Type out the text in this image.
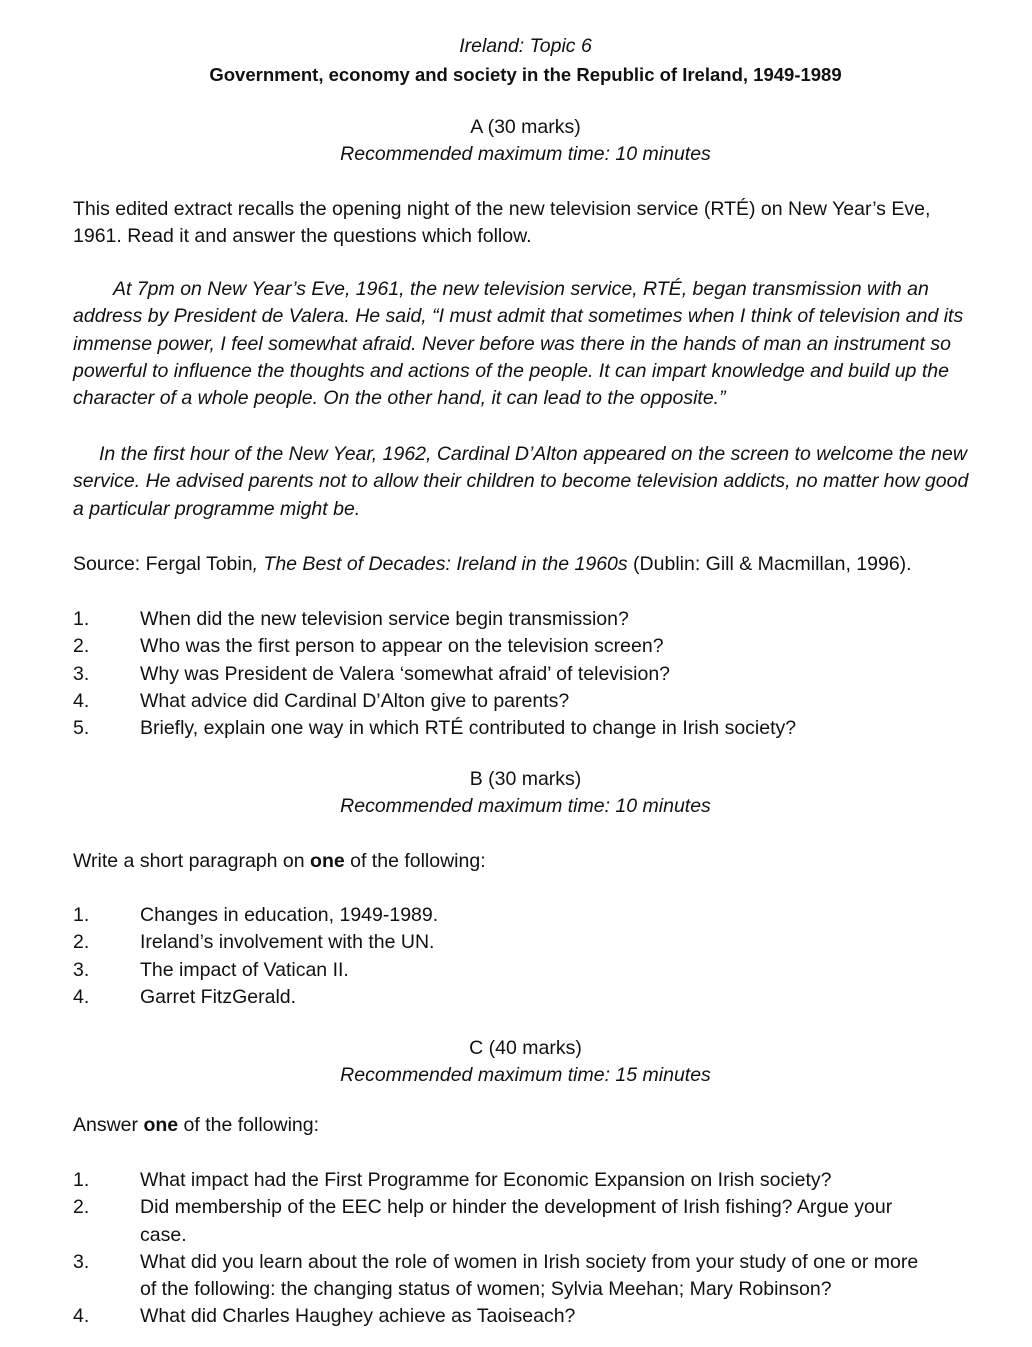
Ireland: Topic 6
Government, economy and society in the Republic of Ireland, 1949-1989
A (30 marks)
Recommended maximum time: 10 minutes

This edited extract recalls the opening night of the new television service (RTÉ) on New Year’s Eve, 1961. Read it and answer the questions which follow.

At 7pm on New Year’s Eve, 1961, the new television service, RTÉ, began transmission with an address by President de Valera. He said, “I must admit that sometimes when I think of television and its immense power, I feel somewhat afraid. Never before was there in the hands of man an instrument so powerful to influence the thoughts and actions of the people. It can impart knowledge and build up the character of a whole people. On the other hand, it can lead to the opposite.”

In the first hour of the New Year, 1962, Cardinal D’Alton appeared on the screen to welcome the new service. He advised parents not to allow their children to become television addicts, no matter how good a particular programme might be.

Source: Fergal Tobin, The Best of Decades: Ireland in the 1960s (Dublin: Gill & Macmillan, 1996).

1.	When did the new television service begin transmission?
2.	Who was the first person to appear on the television screen?
3.	Why was President de Valera ‘somewhat afraid’ of television?
4.	What advice did Cardinal D’Alton give to parents?
5.	Briefly, explain one way in which RTÉ contributed to change in Irish society?
B (30 marks)
Recommended maximum time: 10 minutes

Write a short paragraph on one of the following:

1.	Changes in education, 1949-1989.
2.	Ireland’s involvement with the UN.
3.	The impact of Vatican II.
4.	Garret FitzGerald.
C (40 marks)
Recommended maximum time: 15 minutes

Answer one of the following:

1.	What impact had the First Programme for Economic Expansion on Irish society?
2.	Did membership of the EEC help or hinder the development of Irish fishing? Argue your case.
3.	What did you learn about the role of women in Irish society from your study of one or more of the following: the changing status of women; Sylvia Meehan; Mary Robinson?
4.	What did Charles Haughey achieve as Taoiseach?
